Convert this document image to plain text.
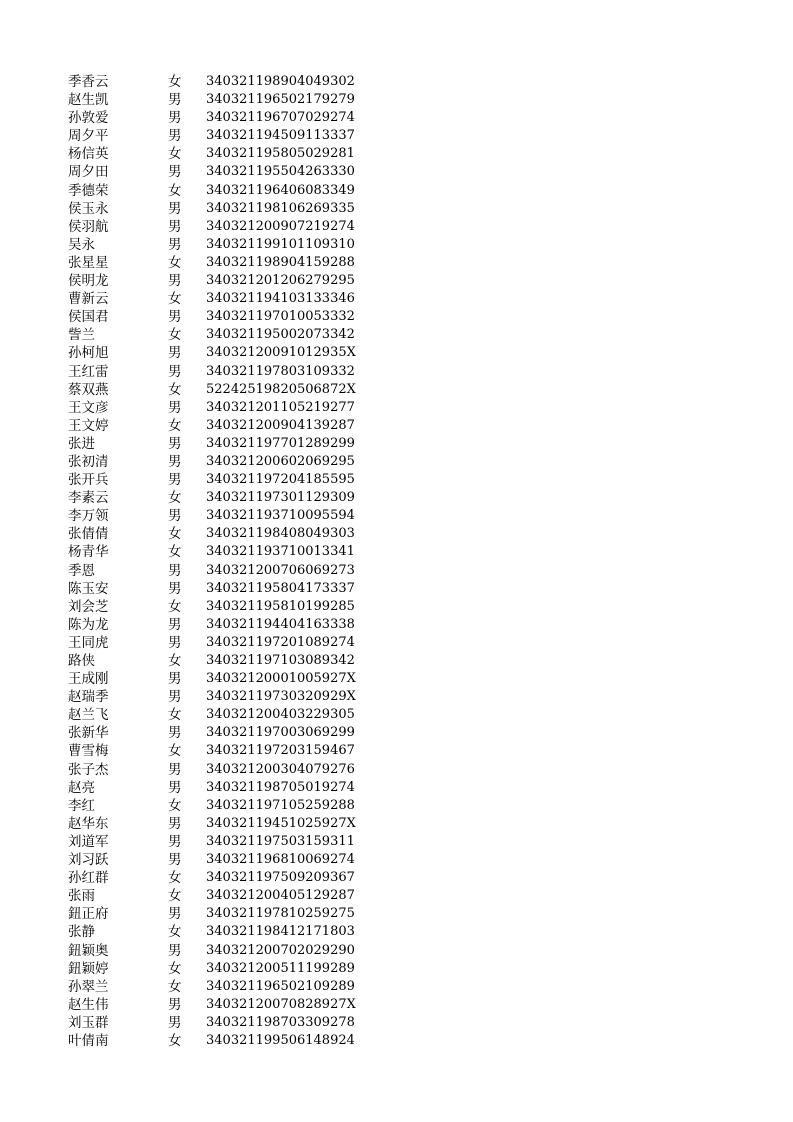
季香云	女 340321198904049302
赵生凯	男 340321196502179279
孙敦爱	男 340321196707029274
周夕平	男 340321194509113337
杨信英	女 340321195805029281
周夕田	男 340321195504263330
季德荣	女 340321196406083349
侯玉永	男 340321198106269335
侯羽航	男 340321200907219274
吴永	男 340321199101109310
张星星	女 340321198904159288
侯明龙	男 340321201206279295
曹新云	女 340321194103133346
侯国君	男 340321197010053332
訾兰	女 340321195002073342
孙柯旭	男 34032120091012935X
王红雷	男 340321197803109332
蔡双燕	女 52242519820506872X
王文彦	男 340321201105219277
王文婷	女 340321200904139287
张进	男 340321197701289299
张初清	男 340321200602069295
张开兵	男 340321197204185595
李素云	女 340321197301129309
李万领	男 340321193710095594
张倩倩	女 340321198408049303
杨青华	女 340321193710013341
季恩	男 340321200706069273
陈玉安	男 340321195804173337
刘会芝	女 340321195810199285
陈为龙	男 340321194404163338
王同虎	男 340321197201089274
路侠	女 340321197103089342
王成刚	男 34032120001005927X
赵瑞季	男 34032119730320929X
赵兰飞	女 340321200403229305
张新华	男 340321197003069299
曹雪梅	女 340321197203159467
张子杰	男 340321200304079276
赵亮	男 340321198705019274
李红	女 340321197105259288
赵华东	男 34032119451025927X
刘道军	男 340321197503159311
刘习跃	男 340321196810069274
孙红群	女 340321197509209367
张雨	女 340321200405129287
鈕正府	男 340321197810259275
张静	女 340321198412171803
鈕颖奥	男 340321200702029290
鈕颖婷	女 340321200511199289
孙翠兰	女 340321196502109289
赵生伟	男 34032120070828927X
刘玉群	男 340321198703309278
叶倩南	女 340321199506148924
